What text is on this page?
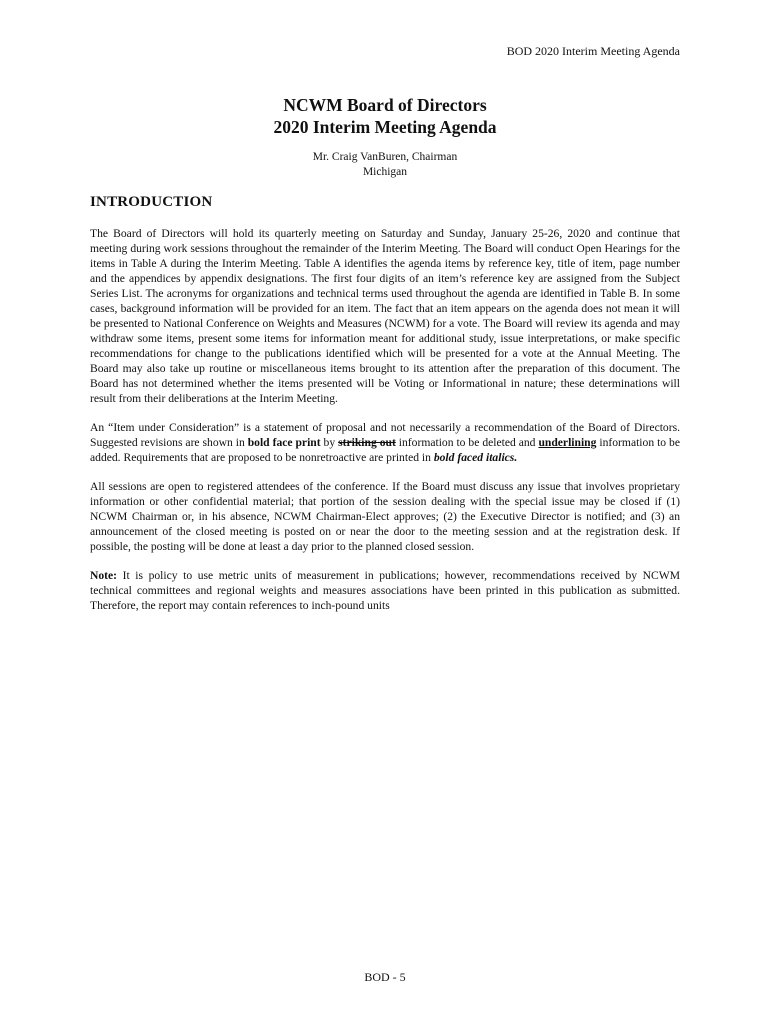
BOD 2020 Interim Meeting Agenda
NCWM Board of Directors
2020 Interim Meeting Agenda
Mr. Craig VanBuren, Chairman
Michigan
INTRODUCTION

The Board of Directors will hold its quarterly meeting on Saturday and Sunday, January 25-26, 2020 and continue that meeting during work sessions throughout the remainder of the Interim Meeting. The Board will conduct Open Hearings for the items in Table A during the Interim Meeting. Table A identifies the agenda items by reference key, title of item, page number and the appendices by appendix designations. The first four digits of an item’s reference key are assigned from the Subject Series List. The acronyms for organizations and technical terms used throughout the agenda are identified in Table B. In some cases, background information will be provided for an item. The fact that an item appears on the agenda does not mean it will be presented to National Conference on Weights and Measures (NCWM) for a vote. The Board will review its agenda and may withdraw some items, present some items for information meant for additional study, issue interpretations, or make specific recommendations for change to the publications identified which will be presented for a vote at the Annual Meeting. The Board may also take up routine or miscellaneous items brought to its attention after the preparation of this document. The Board has not determined whether the items presented will be Voting or Informational in nature; these determinations will result from their deliberations at the Interim Meeting.

An “Item under Consideration” is a statement of proposal and not necessarily a recommendation of the Board of Directors. Suggested revisions are shown in bold face print by striking out information to be deleted and underlining information to be added. Requirements that are proposed to be nonretroactive are printed in bold faced italics.

All sessions are open to registered attendees of the conference. If the Board must discuss any issue that involves proprietary information or other confidential material; that portion of the session dealing with the special issue may be closed if (1) NCWM Chairman or, in his absence, NCWM Chairman-Elect approves; (2) the Executive Director is notified; and (3) an announcement of the closed meeting is posted on or near the door to the meeting session and at the registration desk. If possible, the posting will be done at least a day prior to the planned closed session.

Note: It is policy to use metric units of measurement in publications; however, recommendations received by NCWM technical committees and regional weights and measures associations have been printed in this publication as submitted. Therefore, the report may contain references to inch-pound units

BOD - 5
